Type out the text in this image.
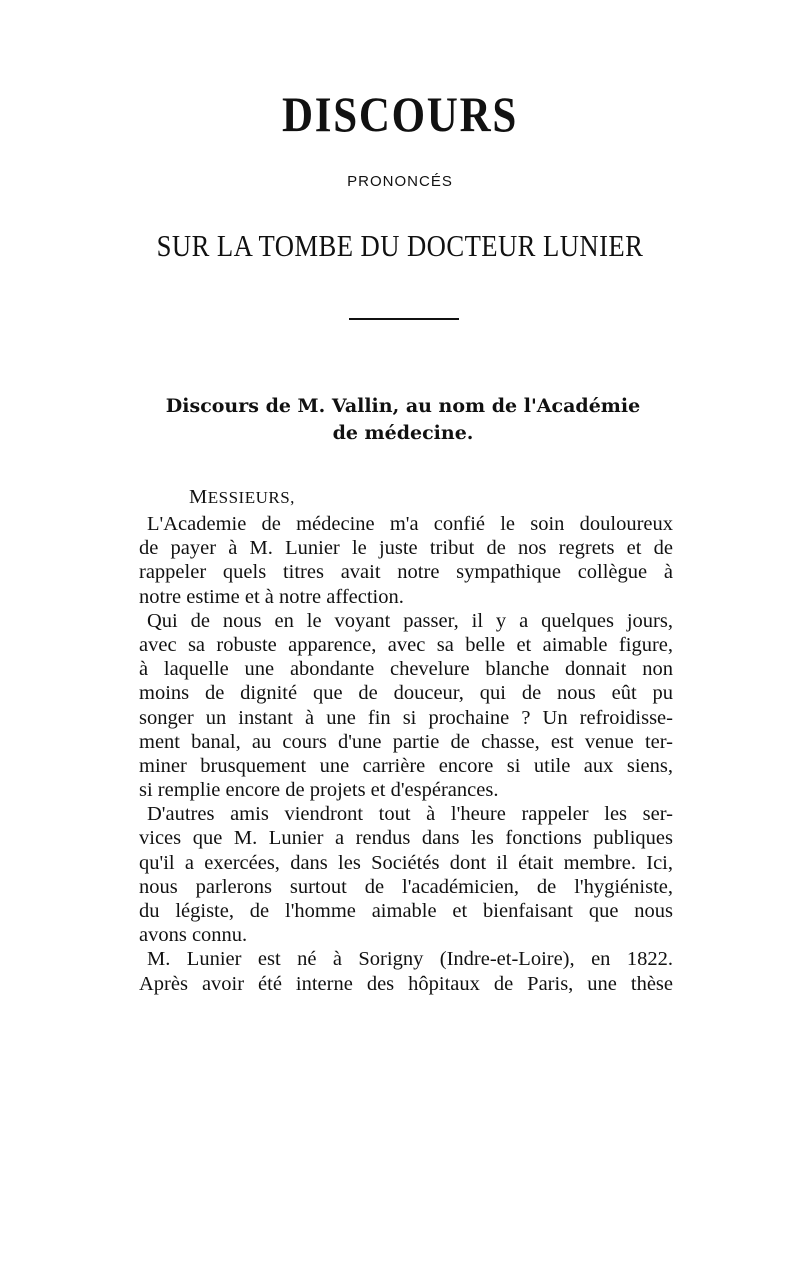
DISCOURS
PRONONCÉS
SUR LA TOMBE DU DOCTEUR LUNIER
Discours de M. Vallin, au nom de l'Académie
de médecine.
MESSIEURS,
L'Academie de médecine m'a confié le soin douloureux
de payer à M. Lunier le juste tribut de nos regrets et de
rappeler quels titres avait notre sympathique collègue à
notre estime et à notre affection.
Qui de nous en le voyant passer, il y a quelques jours,
avec sa robuste apparence, avec sa belle et aimable figure,
à laquelle une abondante chevelure blanche donnait non
moins de dignité que de douceur, qui de nous eût pu
songer un instant à une fin si prochaine ? Un refroidisse-
ment banal, au cours d'une partie de chasse, est venue ter-
miner brusquement une carrière encore si utile aux siens,
si remplie encore de projets et d'espérances.
D'autres amis viendront tout à l'heure rappeler les ser-
vices que M. Lunier a rendus dans les fonctions publiques
qu'il a exercées, dans les Sociétés dont il était membre. Ici,
nous parlerons surtout de l'académicien, de l'hygiéniste,
du légiste, de l'homme aimable et bienfaisant que nous
avons connu.
M. Lunier est né à Sorigny (Indre-et-Loire), en 1822.
Après avoir été interne des hôpitaux de Paris, une thèse
